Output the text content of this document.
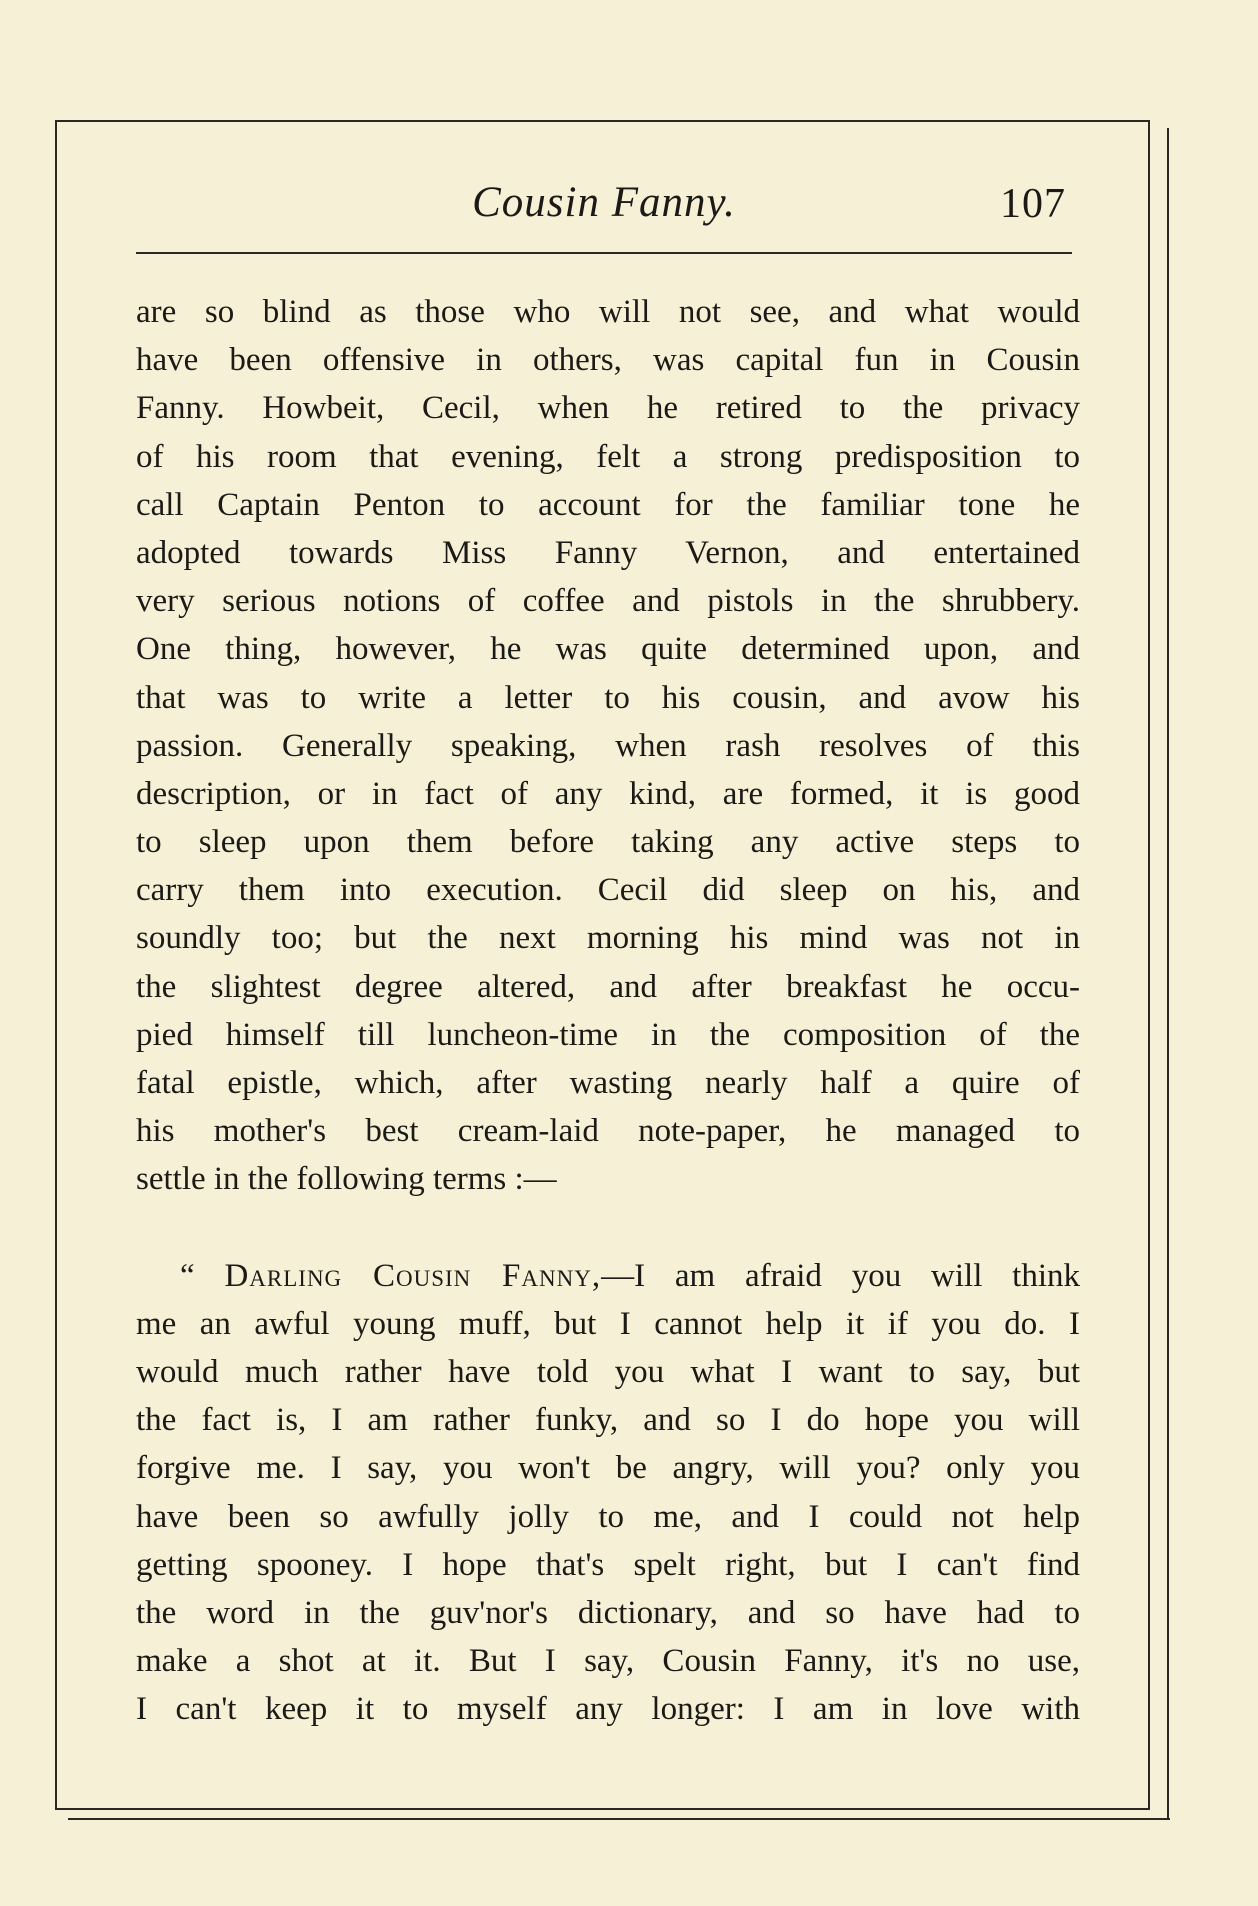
Cousin Fanny.	107
are so blind as those who will not see, and what would
have been offensive in others, was capital fun in Cousin
Fanny. Howbeit, Cecil, when he retired to the privacy
of his room that evening, felt a strong predisposition to
call Captain Penton to account for the familiar tone he
adopted towards Miss Fanny Vernon, and entertained
very serious notions of coffee and pistols in the shrubbery.
One thing, however, he was quite determined upon, and
that was to write a letter to his cousin, and avow his
passion. Generally speaking, when rash resolves of this
description, or in fact of any kind, are formed, it is good
to sleep upon them before taking any active steps to
carry them into execution. Cecil did sleep on his, and
soundly too; but the next morning his mind was not in
the slightest degree altered, and after breakfast he occu-
pied himself till luncheon-time in the composition of the
fatal epistle, which, after wasting nearly half a quire of
his mother's best cream-laid note-paper, he managed to
settle in the following terms :—
“ Darling Cousin Fanny,—I am afraid you will think
me an awful young muff, but I cannot help it if you do. I
would much rather have told you what I want to say, but
the fact is, I am rather funky, and so I do hope you will
forgive me. I say, you won't be angry, will you? only you
have been so awfully jolly to me, and I could not help
getting spooney. I hope that's spelt right, but I can't find
the word in the guv'nor's dictionary, and so have had to
make a shot at it. But I say, Cousin Fanny, it's no use,
I can't keep it to myself any longer: I am in love with
